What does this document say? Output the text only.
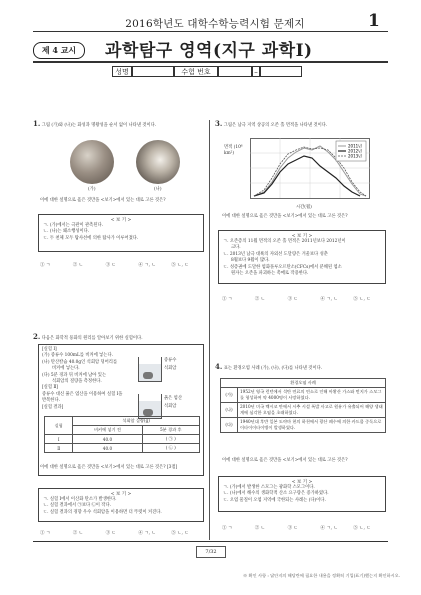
2016학년도 대학수학능력시험 문제지	1
제 4 교시	과학탐구 영역(지구 과학Ⅰ)
성명	수험 번호	–
1. 그림 (가)와 (나)는 화성과 명왕성을 순서 없이 나타낸 것이다.
(가)	(나)
이에 대한 설명으로 옳은 것만을 <보기>에서 있는 대로 고른 것은?
< 보 기 >
ㄱ. (가)에서는 극관이 관측된다.
ㄴ. (나)는 왜소행성이다.
ㄷ. 두 천체 모두 탐사선에 의한 탐사가 이루어졌다.
① ㄱ	② ㄴ	③ ㄷ	④ ㄱ, ㄴ	⑤ ㄴ, ㄷ
2. 다음은 화학적 풍화의 원리를 알아보기 위한 실험이다.
[실험 Ⅰ]
(가) 증류수 100mL를 비커에 넣는다.
(나) 탄산칼슘 40.0g인 석회암 덩어리를
비커에 넣는다.
(다) 5분 경과 뒤 비커에 남아 있는
석회암의 질량을 측정한다.
[실험 Ⅱ]
증류수 대신 묽은 염산을 이용하여 실험 Ⅰ을
반복한다.
[실험 결과]
증류수
석회암
묽은 염산
석회암
실험	석회암 질량(g)	
	비커에 넣기 전	5분 경과 후
Ⅰ	40.0	( ㉠ )
Ⅱ	40.0	( ㉡ )
이에 대한 설명으로 옳은 것만을 <보기>에서 있는 대로 고른 것은? [3점]
< 보 기 >
ㄱ. 실험 Ⅰ에서 이산화 탄소가 발생한다.
ㄴ. 실험 결과에서 ㉠보다 ㉡이 작다.
ㄷ. 실험 결과의 경향 우수 석회암을 이용하면 더 뚜렷이 커진다.
① ㄱ	② ㄴ	③ ㄷ	④ ㄱ, ㄴ	⑤ ㄴ, ㄷ
3. 그림은 남극 지역 상공의 오존 홀 면적을 나타낸 것이다.
면적 (10⁶ km²)
2011년
2012년
2013년
시간(월)
이에 대한 설명으로 옳은 것만을 <보기>에서 있는 대로 고른 것은?
< 보 기 >
ㄱ. 오존층의 11월 면적의 오존 홀 면적은 2011년보다 2012년이
크다.
ㄴ. 2013년 남극 대륙의 자외선 도달량은 겨울보다 성춘
8월보다 9월이 많다.
ㄷ. 성층권에 도달한 염화플루오르탄소(CFCs)에서 분해된 염소
원자는 오존을 파괴하는 촉매로 작용한다.
① ㄱ	② ㄴ	③ ㄷ	④ ㄱ, ㄴ	⑤ ㄴ, ㄷ
4. 표는 환경오염 사례 (가), (나), (다)를 나타낸 것이다.
환경오염 사례	
(가)	1952년 영국 런던에서 석탄 연료의 연소로 인해 아황산 가스와 먼지가 스모그를 형성하여 약 4000명이 사망하였다.
(나)	2010년 미국 멕시코 만에서 시추 시설 폭발 사고로 원유가 유출되어 해양 생태계에 심각한 오염을 초래하였다.
(다)	1940년대 후반 일본 도야마 현의 하천에서 광산 폐수에 의한 카드뮴 중독으로 이타이이타이병이 발생하였다.
이에 대한 설명으로 옳은 것만을 <보기>에서 있는 대로 고른 것은?
< 보 기 >
ㄱ. (가)에서 발생한 스모그는 광화학 스모그이다.
ㄴ. (나)에서 해수의 생화학적 산소 요구량은 증가하였다.
ㄷ. 오염 물질이 오염 지역에 국한되는 사례는 (다)이다.
① ㄱ	② ㄴ	③ ㄷ	④ ㄱ, ㄴ	⑤ ㄴ, ㄷ
7/32
※ 확인 사항 : 답안지의 해당란에 필요한 내용을 정확히 기입(표기)했는지 확인하시오.
